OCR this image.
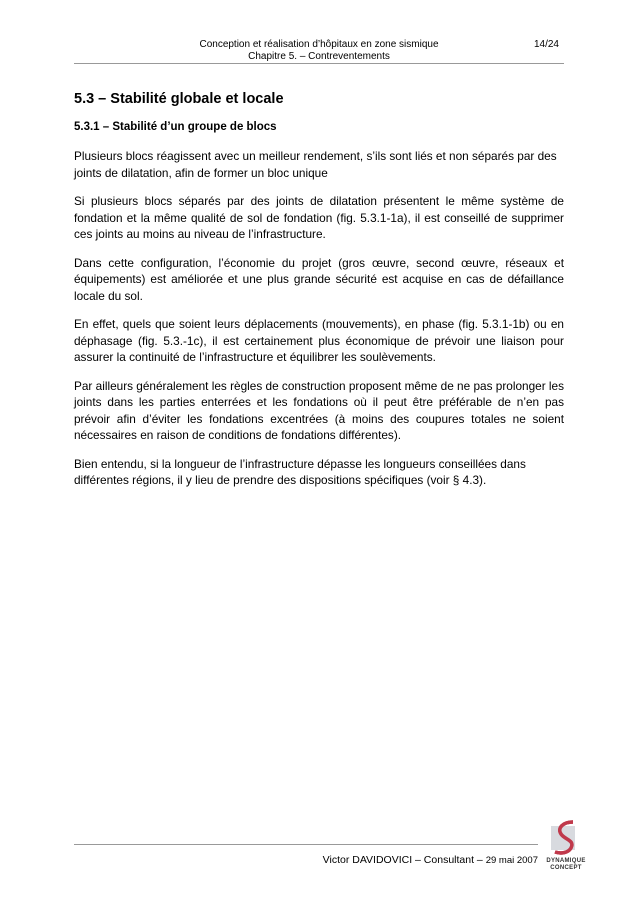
Conception et réalisation d’hôpitaux en zone sismique
Chapitre 5. – Contreventements
14/24
5.3 – Stabilité globale et locale
5.3.1 – Stabilité d’un groupe de blocs
Plusieurs blocs réagissent avec un meilleur rendement, s’ils sont liés et non séparés par des joints de dilatation, afin de former un bloc unique
Si plusieurs blocs séparés par des joints de dilatation présentent le même système de fondation et la même qualité de sol de fondation (fig. 5.3.1-1a), il est conseillé de supprimer ces joints au moins au niveau de l’infrastructure.
Dans cette configuration, l’économie du projet (gros œuvre, second œuvre, réseaux et équipements) est améliorée et une plus grande sécurité est acquise en cas de défaillance locale du sol.
En effet, quels que soient leurs déplacements (mouvements), en phase (fig. 5.3.1-1b) ou en déphasage (fig. 5.3.-1c), il est certainement plus économique de prévoir une liaison pour assurer la continuité de l’infrastructure et équilibrer les soulèvements.
Par ailleurs généralement les règles de construction proposent même de ne pas prolonger les joints dans les parties enterrées et les fondations où il peut être préférable de n’en pas prévoir afin d’éviter les fondations excentrées (à moins des coupures totales ne soient nécessaires en raison de conditions de fondations différentes).
Bien entendu, si la longueur de l’infrastructure dépasse les longueurs conseillées dans différentes régions, il y lieu de prendre des dispositions spécifiques (voir § 4.3).
Victor DAVIDOVICI – Consultant – 29 mai 2007 DYNAMIQUE
CONCEPT
